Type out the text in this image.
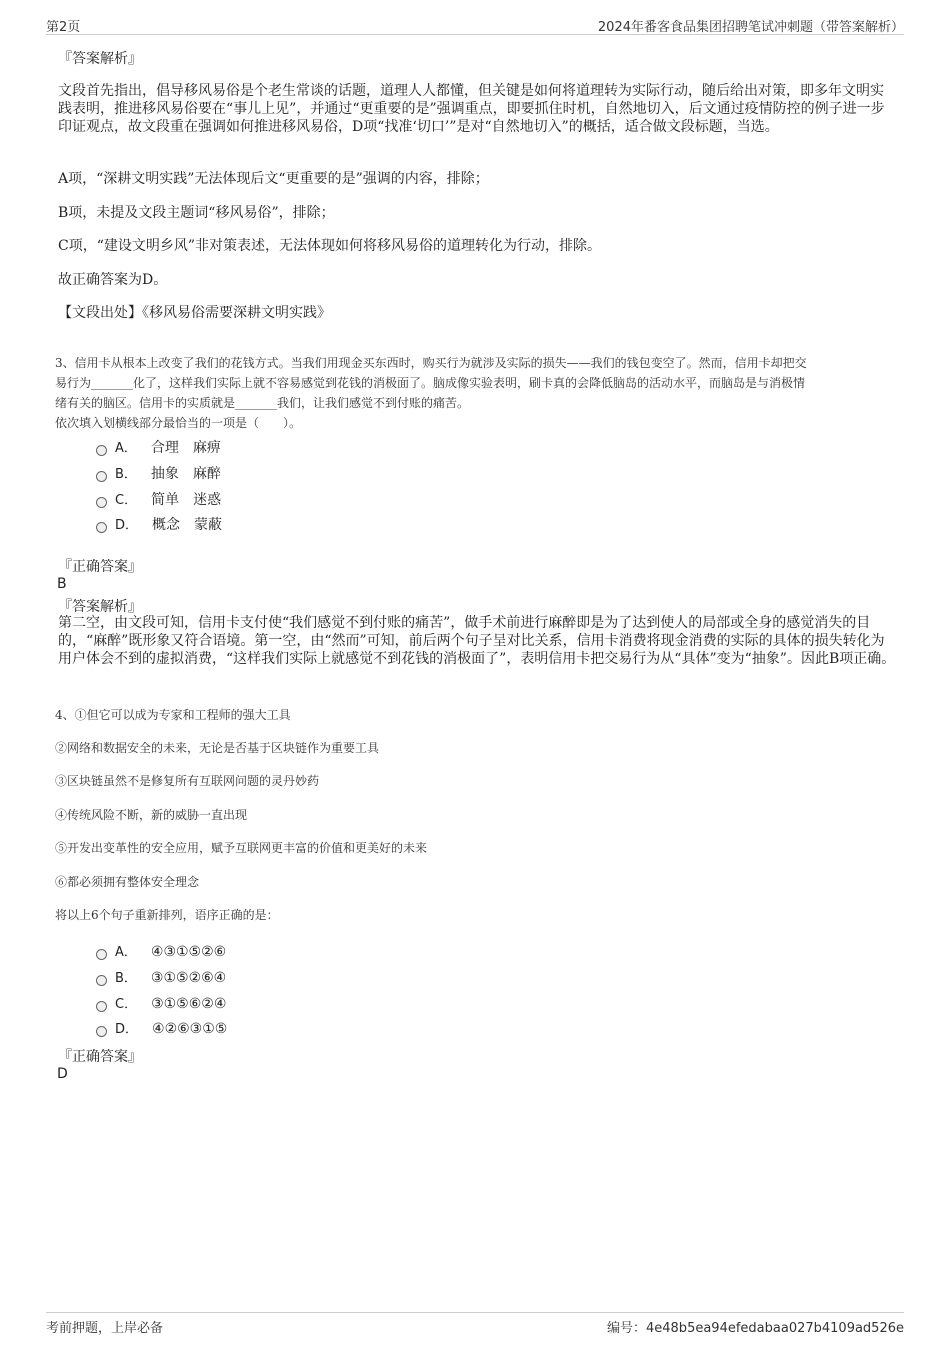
第2页	2024年番客食品集团招聘笔试冲刺题（带答案解析）
『答案解析』
文段首先指出，倡导移风易俗是个老生常谈的话题，道理人人都懂，但关键是如何将道理转为实际行动，随后给出对策，即多年文明实践表明，推进移风易俗要在“事儿上见”，并通过“更重要的是”强调重点，即要抓住时机，自然地切入，后文通过疫情防控的例子进一步印证观点，故文段重在强调如何推进移风易俗，D项“找准‘切口’”是对“自然地切入”的概括，适合做文段标题，当选。
A项，“深耕文明实践”无法体现后文“更重要的是”强调的内容，排除；
B项，未提及文段主题词“移风易俗”，排除；
C项，“建设文明乡风”非对策表述，无法体现如何将移风易俗的道理转化为行动，排除。
故正确答案为D。
【文段出处】《移风易俗需要深耕文明实践》
3、信用卡从根本上改变了我们的花钱方式。当我们用现金买东西时，购买行为就涉及实际的损失——我们的钱包变空了。然而，信用卡却把交
易行为_______化了，这样我们实际上就不容易感觉到花钱的消极面了。脑成像实验表明，刷卡真的会降低脑岛的活动水平，而脑岛是与消极情
绪有关的脑区。信用卡的实质就是_______我们，让我们感觉不到付账的痛苦。
依次填入划横线部分最恰当的一项是（　　）。
A． 合理 麻痹
B． 抽象 麻醉
C． 简单 迷惑
D． 概念 蒙蔽
『正确答案』
B
『答案解析』
第二空，由文段可知，信用卡支付使“我们感觉不到付账的痛苦”，做手术前进行麻醉即是为了达到使人的局部或全身的感觉消失的目的，“麻醉”既形象又符合语境。第一空，由“然而”可知，前后两个句子呈对比关系，信用卡消费将现金消费的实际的具体的损失转化为用户体会不到的虚拟消费，“这样我们实际上就感觉不到花钱的消极面了”，表明信用卡把交易行为从“具体”变为“抽象”。因此B项正确。
4、①但它可以成为专家和工程师的强大工具
②网络和数据安全的未来，无论是否基于区块链作为重要工具
③区块链虽然不是修复所有互联网问题的灵丹妙药
④传统风险不断，新的威胁一直出现
⑤开发出变革性的安全应用，赋予互联网更丰富的价值和更美好的未来
⑥都必须拥有整体安全理念
将以上6个句子重新排列，语序正确的是：
A． ④③①⑤②⑥
B． ③①⑤②⑥④
C． ③①⑤⑥②④
D． ④②⑥③①⑤
『正确答案』
D
考前押题，上岸必备	编号：4e48b5ea94efedabaa027b4109ad526e
